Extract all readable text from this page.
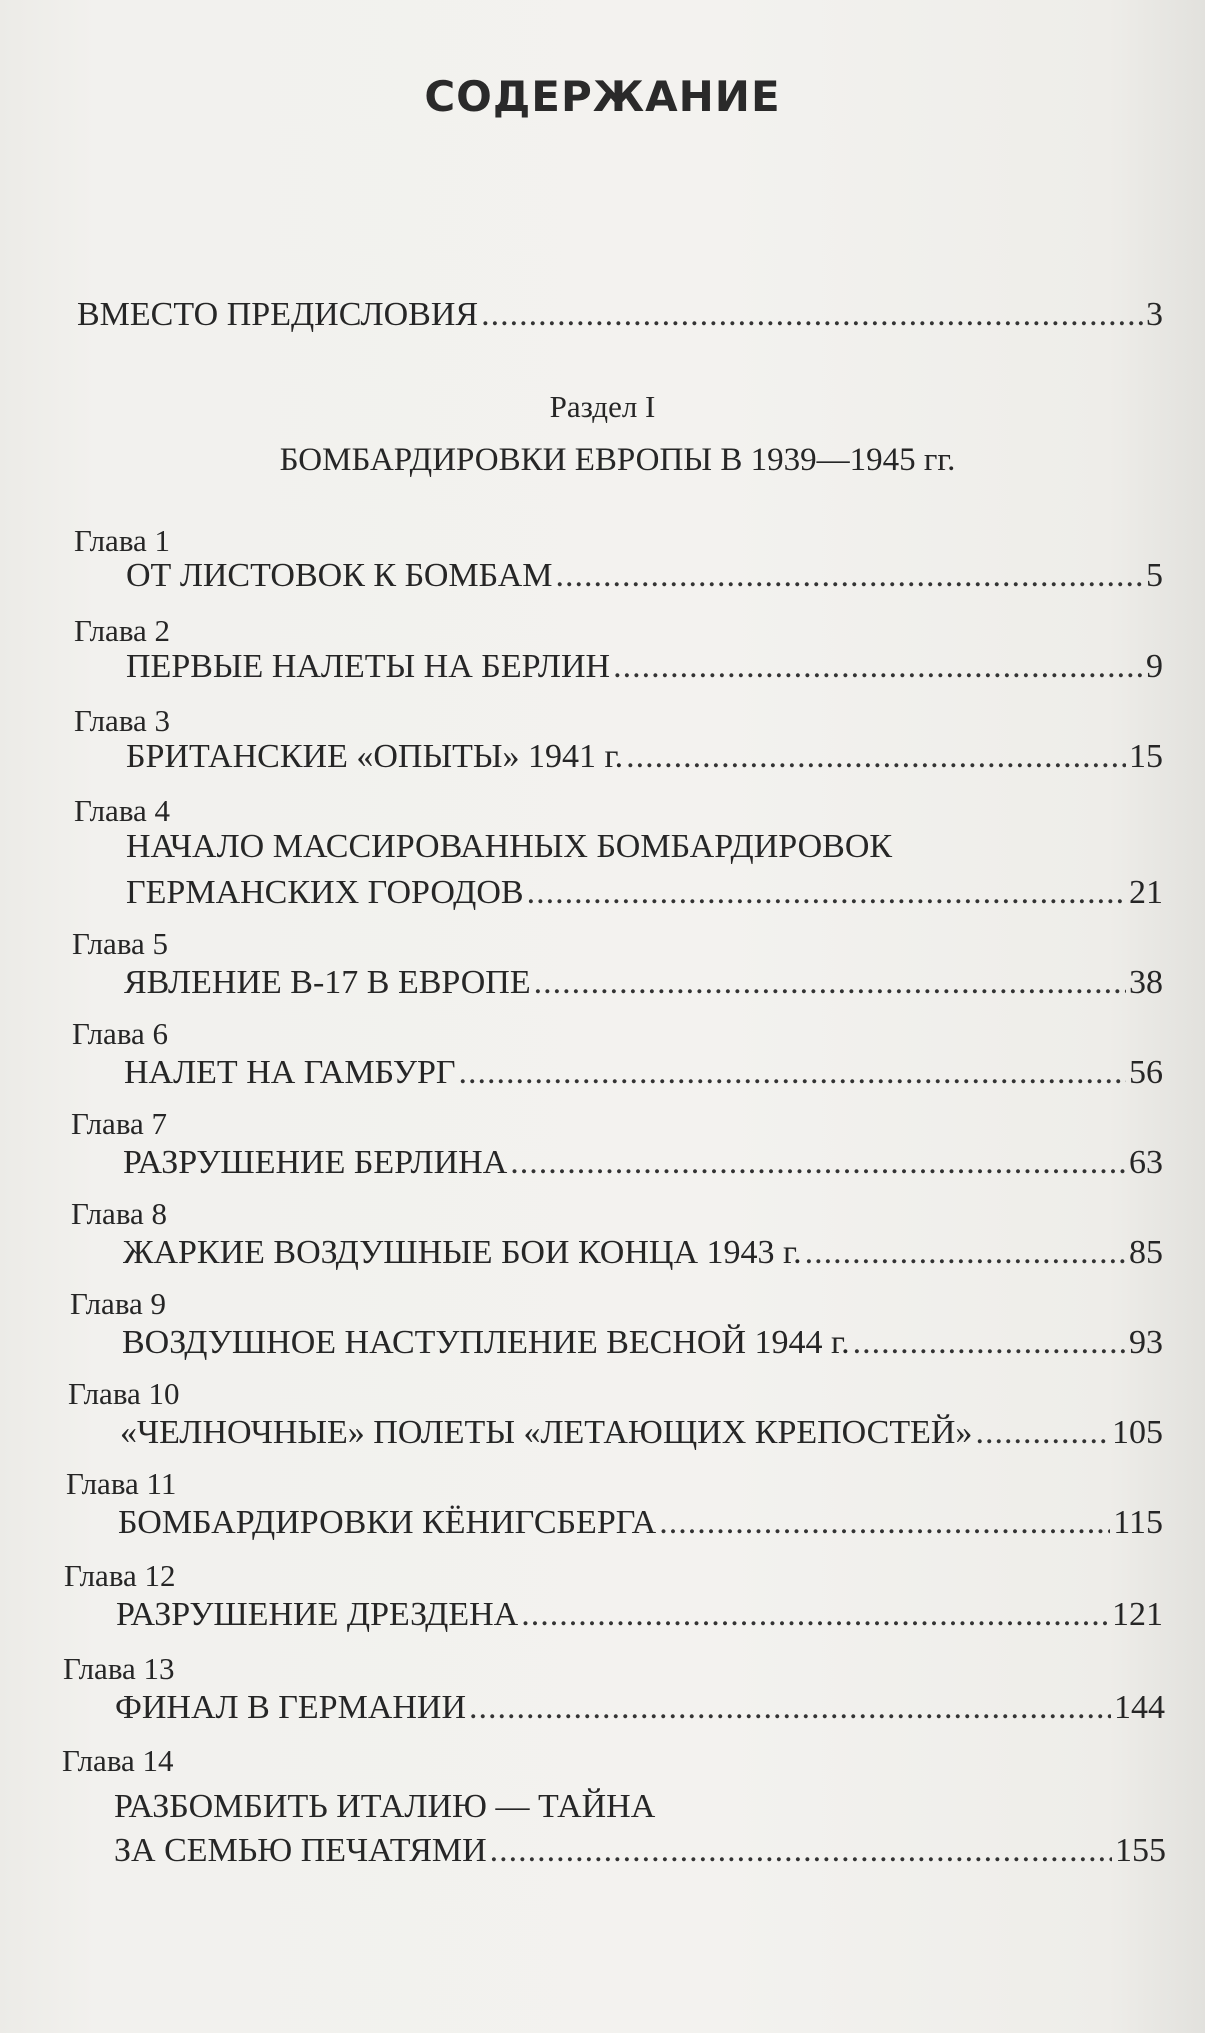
СОДЕРЖАНИЕ
ВМЕСТО ПРЕДИСЛОВИЯ .....	3
Раздел I
БОМБАРДИРОВКИ ЕВРОПЫ В 1939—1945 гг.
Глава 1
ОТ ЛИСТОВОК К БОМБАМ .....	5
Глава 2
ПЕРВЫЕ НАЛЕТЫ НА БЕРЛИН .....	9
Глава 3
БРИТАНСКИЕ «ОПЫТЫ» 1941 г. .....	15
Глава 4
НАЧАЛО МАССИРОВАННЫХ БОМБАРДИРОВОК
ГЕРМАНСКИХ ГОРОДОВ .....	21
Глава 5
ЯВЛЕНИЕ В-17 В ЕВРОПЕ .....	38
Глава 6
НАЛЕТ НА ГАМБУРГ .....	56
Глава 7
РАЗРУШЕНИЕ БЕРЛИНА .....	63
Глава 8
ЖАРКИЕ ВОЗДУШНЫЕ БОИ КОНЦА 1943 г. .....	85
Глава 9
ВОЗДУШНОЕ НАСТУПЛЕНИЕ ВЕСНОЙ 1944 г. .....	93
Глава 10
«ЧЕЛНОЧНЫЕ» ПОЛЕТЫ «ЛЕТАЮЩИХ КРЕПОСТЕЙ» .....	105
Глава 11
БОМБАРДИРОВКИ КЁНИГСБЕРГА .....	115
Глава 12
РАЗРУШЕНИЕ ДРЕЗДЕНА .....	121
Глава 13
ФИНАЛ В ГЕРМАНИИ .....	144
Глава 14
РАЗБОМБИТЬ ИТАЛИЮ — ТАЙНА
ЗА СЕМЬЮ ПЕЧАТЯМИ .....	155
